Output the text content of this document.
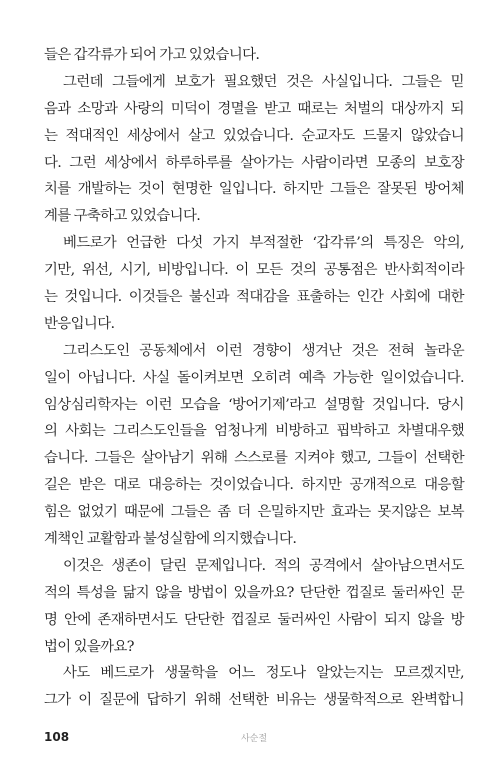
들은 갑각류가 되어 가고 있었습니다.
그런데 그들에게 보호가 필요했던 것은 사실입니다. 그들은 믿
음과 소망과 사랑의 미덕이 경멸을 받고 때로는 처벌의 대상까지 되
는 적대적인 세상에서 살고 있었습니다. 순교자도 드물지 않았습니
다. 그런 세상에서 하루하루를 살아가는 사람이라면 모종의 보호장
치를 개발하는 것이 현명한 일입니다. 하지만 그들은 잘못된 방어체
계를 구축하고 있었습니다.
베드로가 언급한 다섯 가지 부적절한 ‘갑각류’의 특징은 악의,
기만, 위선, 시기, 비방입니다. 이 모든 것의 공통점은 반사회적이라
는 것입니다. 이것들은 불신과 적대감을 표출하는 인간 사회에 대한
반응입니다.
그리스도인 공동체에서 이런 경향이 생겨난 것은 전혀 놀라운
일이 아닙니다. 사실 돌이켜보면 오히려 예측 가능한 일이었습니다.
임상심리학자는 이런 모습을 ‘방어기제’라고 설명할 것입니다. 당시
의 사회는 그리스도인들을 엄청나게 비방하고 핍박하고 차별대우했
습니다. 그들은 살아남기 위해 스스로를 지켜야 했고, 그들이 선택한
길은 받은 대로 대응하는 것이었습니다. 하지만 공개적으로 대응할
힘은 없었기 때문에 그들은 좀 더 은밀하지만 효과는 못지않은 보복
계책인 교활함과 불성실함에 의지했습니다.
이것은 생존이 달린 문제입니다. 적의 공격에서 살아남으면서도
적의 특성을 닮지 않을 방법이 있을까요? 단단한 껍질로 둘러싸인 문
명 안에 존재하면서도 단단한 껍질로 둘러싸인 사람이 되지 않을 방
법이 있을까요?
사도 베드로가 생물학을 어느 정도나 알았는지는 모르겠지만,
그가 이 질문에 답하기 위해 선택한 비유는 생물학적으로 완벽합니
108	사순절
